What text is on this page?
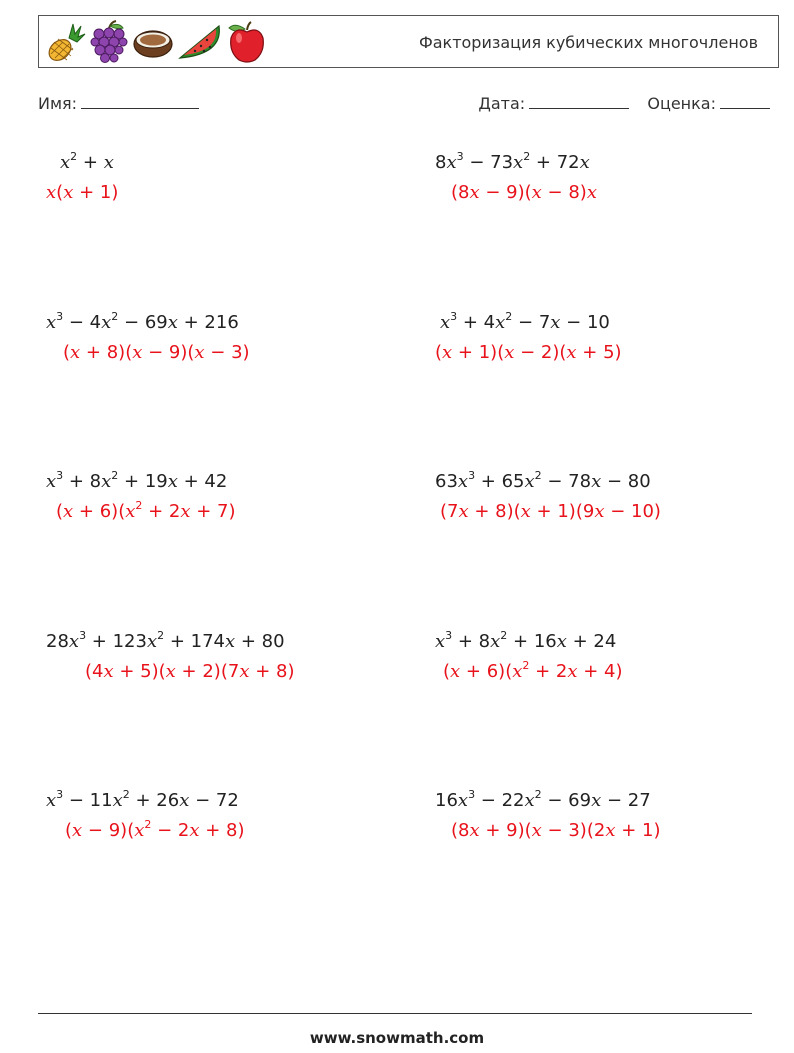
Факторизация кубических многочленов
Имя:	Дата:	Оценка:
$x^2 + x$
x(x + 1)
$8x^3 - 73x^2 + 72x$
(8x − 9)(x − 8)x
$x^3 - 4x^2 - 69x + 216$
(x + 8)(x − 9)(x − 3)
$x^3 + 4x^2 - 7x - 10$
(x + 1)(x − 2)(x + 5)
$x^3 + 8x^2 + 19x + 42$
$(x + 6)(x^2 + 2x + 7)$
$63x^3 + 65x^2 - 78x - 80$
(7x + 8)(x + 1)(9x − 10)
$28x^3 + 123x^2 + 174x + 80$
(4x + 5)(x + 2)(7x + 8)
$x^3 + 8x^2 + 16x + 24$
$(x + 6)(x^2 + 2x + 4)$
$x^3 - 11x^2 + 26x - 72$
$(x - 9)(x^2 - 2x + 8)$
$16x^3 - 22x^2 - 69x - 27$
(8x + 9)(x − 3)(2x + 1)
www.snowmath.com
